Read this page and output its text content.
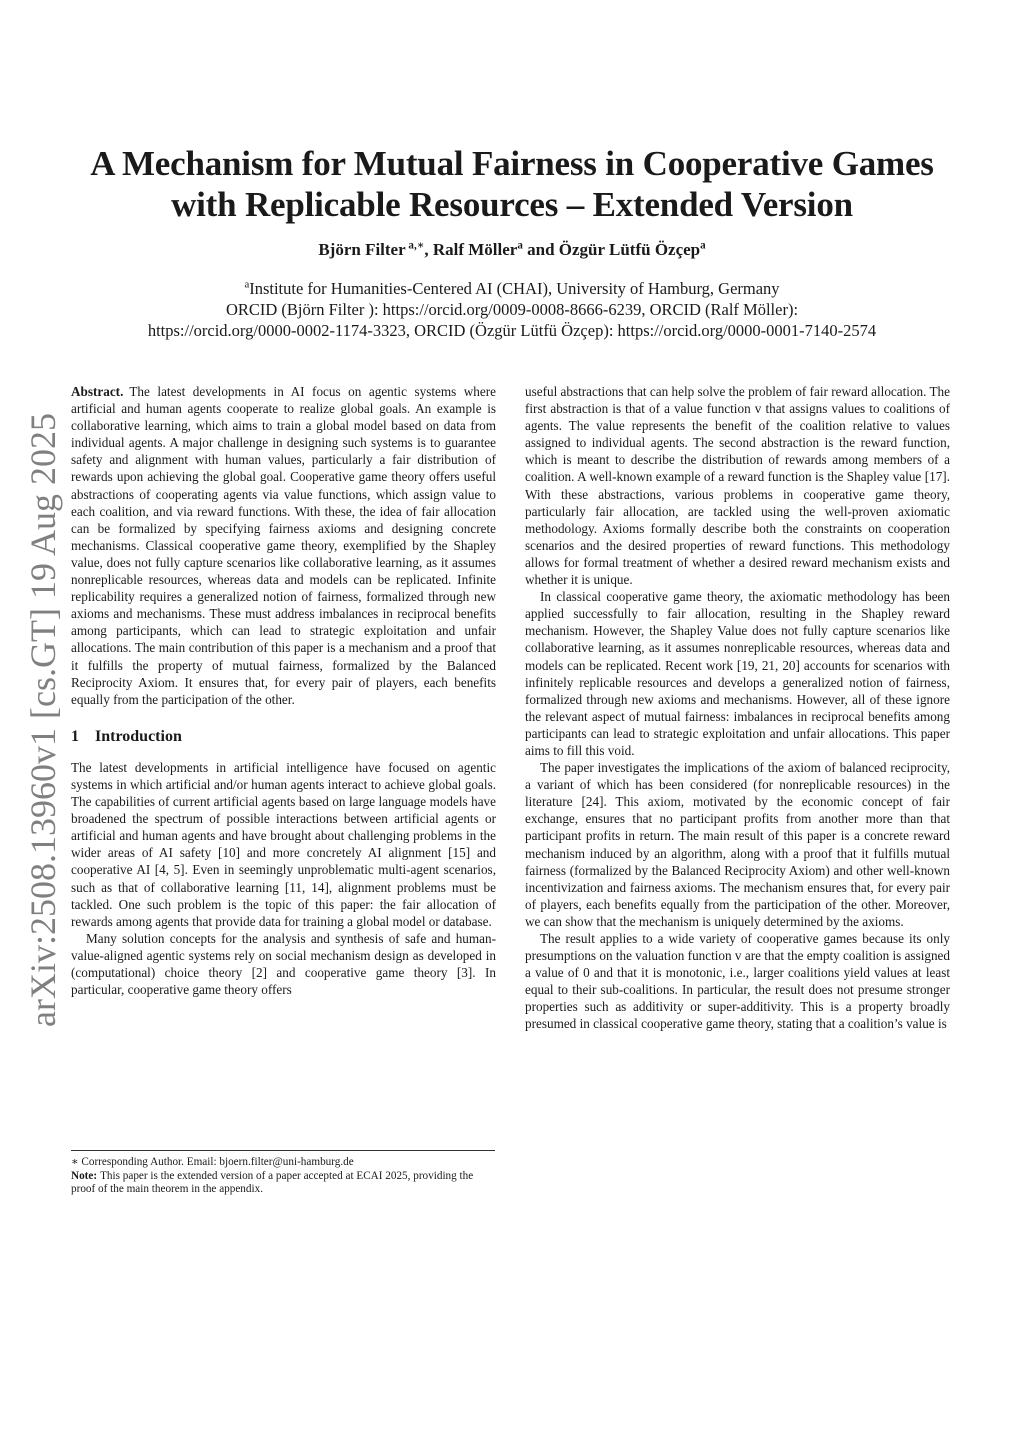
A Mechanism for Mutual Fairness in Cooperative Games
with Replicable Resources – Extended Version
Björn Filter $^{a,∗}$, Ralf Möller$^a$ and Özgür Lütfü Özçep$^a$
$^a$Institute for Humanities-Centered AI (CHAI), University of Hamburg, Germany
ORCID (Björn Filter ): https://orcid.org/0009-0008-8666-6239, ORCID (Ralf Möller):
https://orcid.org/0000-0002-1174-3323, ORCID (Özgür Lütfü Özçep): https://orcid.org/0000-0001-7140-2574
arXiv:2508.13960v1 [cs.GT] 19 Aug 2025

Abstract. The latest developments in AI focus on agentic systems where artificial and human agents cooperate to realize global goals. An example is collaborative learning, which aims to train a global model based on data from individual agents. A major challenge in designing such systems is to guarantee safety and alignment with human values, particularly a fair distribution of rewards upon achieving the global goal. Cooperative game theory offers useful abstractions of cooperating agents via value functions, which assign value to each coalition, and via reward functions. With these, the idea of fair allocation can be formalized by specifying fairness axioms and designing concrete mechanisms. Classical cooperative game theory, exemplified by the Shapley value, does not fully capture scenarios like collaborative learning, as it assumes nonreplicable resources, whereas data and models can be replicated. Infinite replicability requires a generalized notion of fairness, formalized through new axioms and mechanisms. These must address imbalances in reciprocal benefits among participants, which can lead to strategic exploitation and unfair allocations. The main contribution of this paper is a mechanism and a proof that it fulfills the property of mutual fairness, formalized by the Balanced Reciprocity Axiom. It ensures that, for every pair of players, each benefits equally from the participation of the other.

1 Introduction

The latest developments in artificial intelligence have focused on agentic systems in which artificial and/or human agents interact to achieve global goals. The capabilities of current artificial agents based on large language models have broadened the spectrum of possible interactions between artificial agents or artificial and human agents and have brought about challenging problems in the wider areas of AI safety [10] and more concretely AI alignment [15] and cooperative AI [4, 5]. Even in seemingly unproblematic multi-agent scenarios, such as that of collaborative learning [11, 14], alignment problems must be tackled. One such problem is the topic of this paper: the fair allocation of rewards among agents that provide data for training a global model or database.

Many solution concepts for the analysis and synthesis of safe and human-value-aligned agentic systems rely on social mechanism design as developed in (computational) choice theory [2] and cooperative game theory [3]. In particular, cooperative game theory offers

∗ Corresponding Author. Email: bjoern.filter@uni-hamburg.de

Note: This paper is the extended version of a paper accepted at ECAI 2025, providing the proof of the main theorem in the appendix.

useful abstractions that can help solve the problem of fair reward allocation. The first abstraction is that of a value function v that assigns values to coalitions of agents. The value represents the benefit of the coalition relative to values assigned to individual agents. The second abstraction is the reward function, which is meant to describe the distribution of rewards among members of a coalition. A well-known example of a reward function is the Shapley value [17]. With these abstractions, various problems in cooperative game theory, particularly fair allocation, are tackled using the well-proven axiomatic methodology. Axioms formally describe both the constraints on cooperation scenarios and the desired properties of reward functions. This methodology allows for formal treatment of whether a desired reward mechanism exists and whether it is unique.

In classical cooperative game theory, the axiomatic methodology has been applied successfully to fair allocation, resulting in the Shapley reward mechanism. However, the Shapley Value does not fully capture scenarios like collaborative learning, as it assumes nonreplicable resources, whereas data and models can be replicated. Recent work [19, 21, 20] accounts for scenarios with infinitely replicable resources and develops a generalized notion of fairness, formalized through new axioms and mechanisms. However, all of these ignore the relevant aspect of mutual fairness: imbalances in reciprocal benefits among participants can lead to strategic exploitation and unfair allocations. This paper aims to fill this void.

The paper investigates the implications of the axiom of balanced reciprocity, a variant of which has been considered (for nonreplicable resources) in the literature [24]. This axiom, motivated by the economic concept of fair exchange, ensures that no participant profits from another more than that participant profits in return. The main result of this paper is a concrete reward mechanism induced by an algorithm, along with a proof that it fulfills mutual fairness (formalized by the Balanced Reciprocity Axiom) and other well-known incentivization and fairness axioms. The mechanism ensures that, for every pair of players, each benefits equally from the participation of the other. Moreover, we can show that the mechanism is uniquely determined by the axioms.

The result applies to a wide variety of cooperative games because its only presumptions on the valuation function v are that the empty coalition is assigned a value of 0 and that it is monotonic, i.e., larger coalitions yield values at least equal to their sub-coalitions. In particular, the result does not presume stronger properties such as additivity or super-additivity. This is a property broadly presumed in classical cooperative game theory, stating that a coalition’s value is
